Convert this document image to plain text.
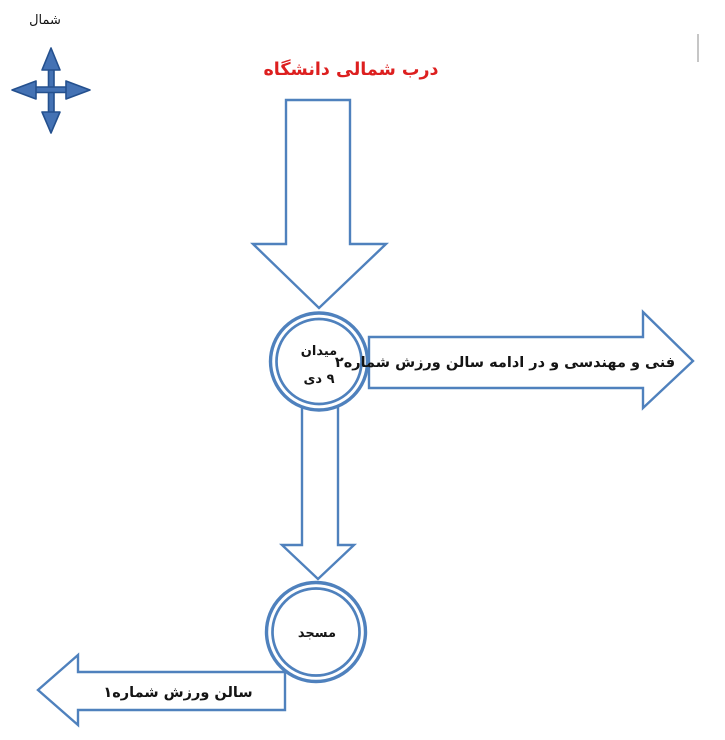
شمال
درب شمالی دانشگاه
میدان
۹ دی
مسجد
فنی و مهندسی و در ادامه سالن ورزش شماره۲
سالن ورزش شماره۱
